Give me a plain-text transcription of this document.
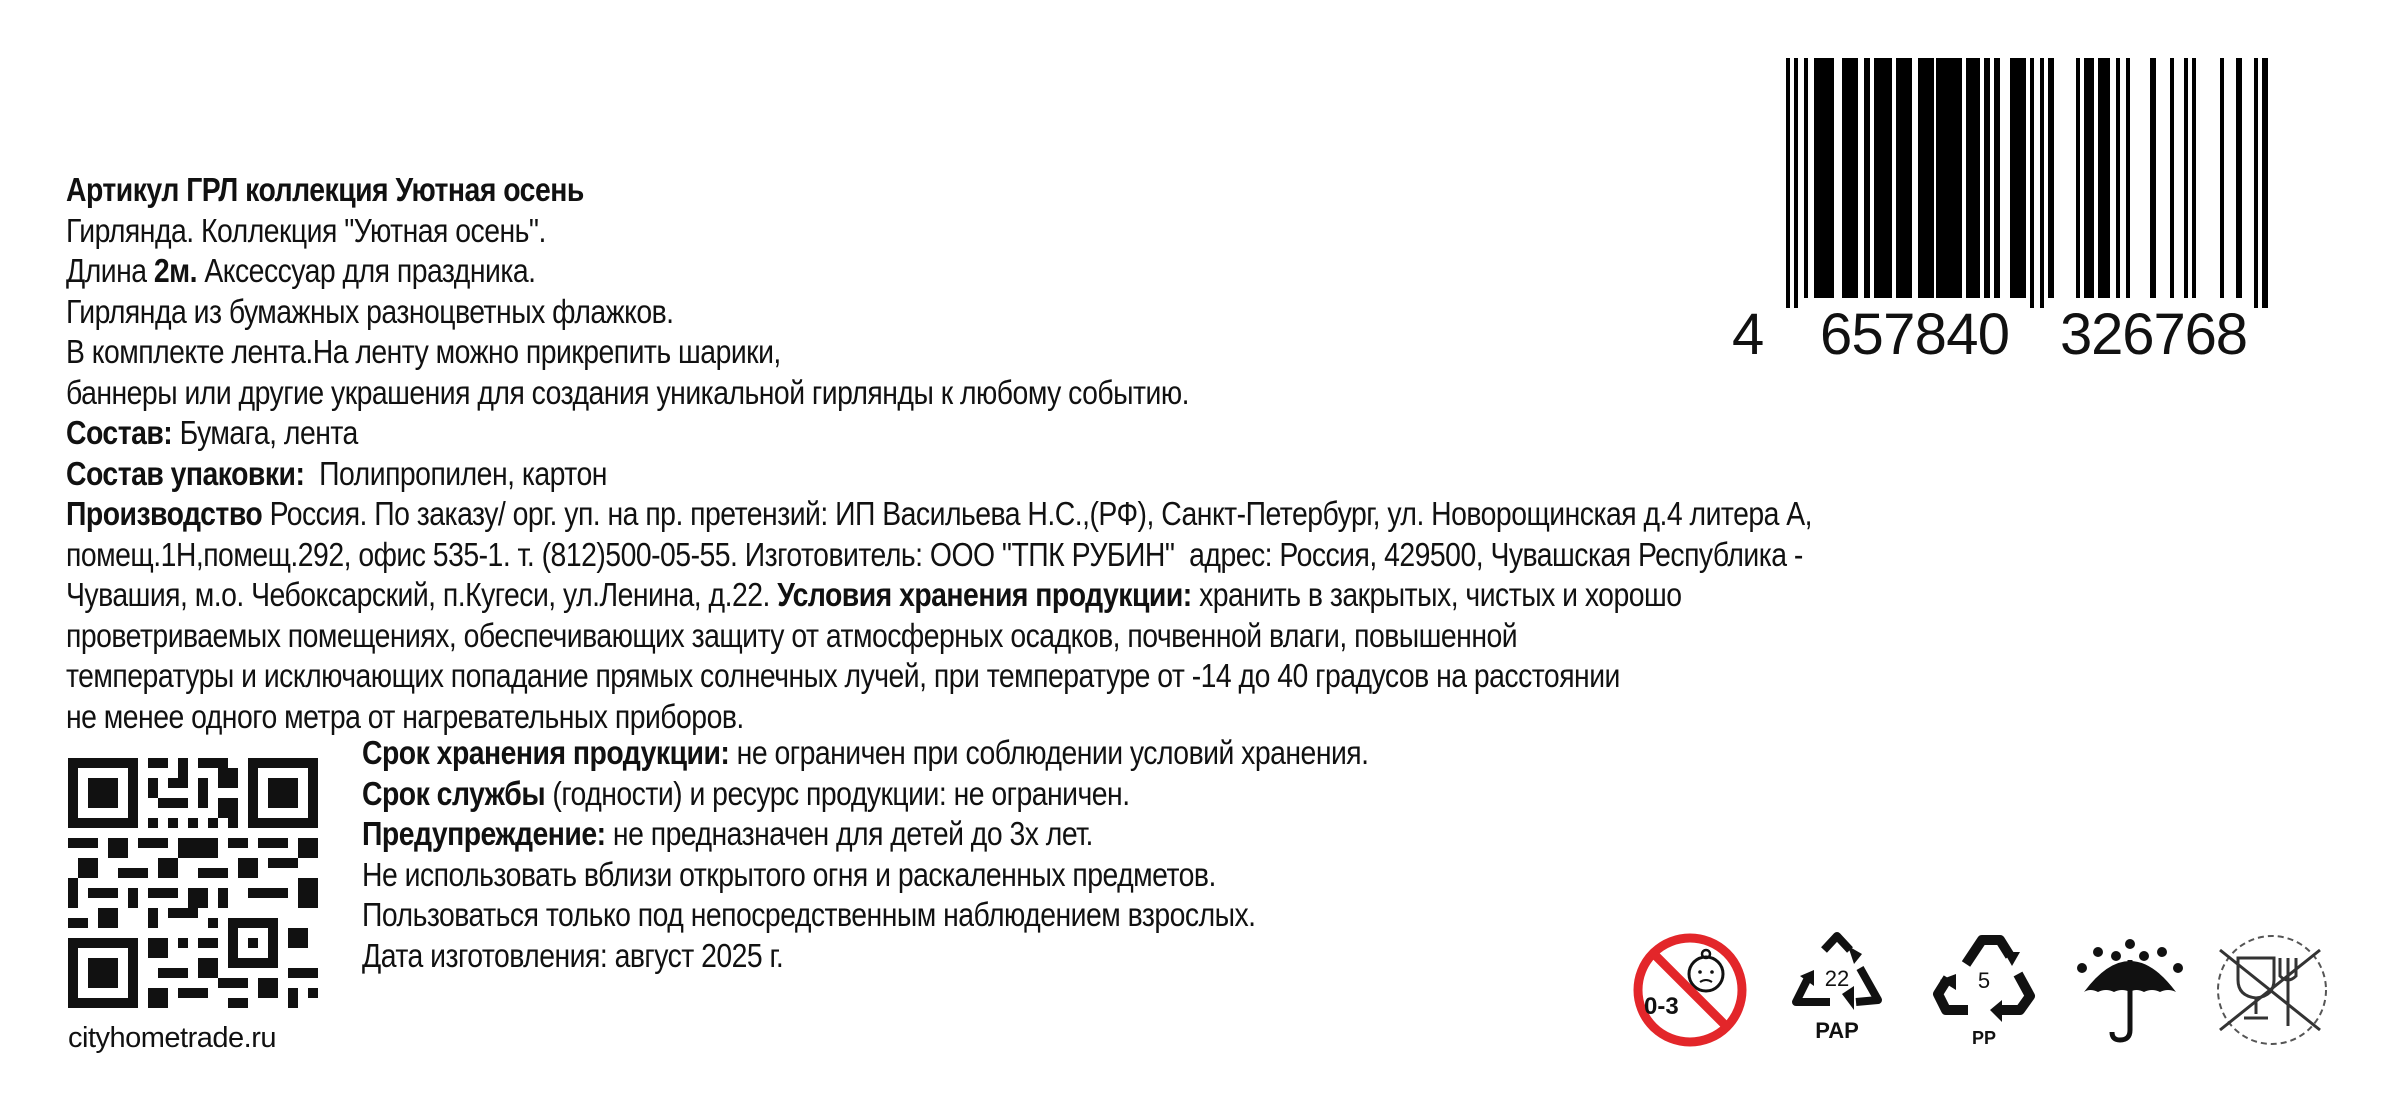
Артикул ГРЛ коллекция Уютная осень
Гирлянда. Коллекция "Уютная осень".
Длина 2м. Аксессуар для праздника.
Гирлянда из бумажных разноцветных флажков.
В комплекте лента.На ленту можно прикрепить шарики,
баннеры или другие украшения для создания уникальной гирлянды к любому событию.
Состав: Бумага, лента
Состав упаковки:  Полипропилен, картон
Производство Россия. По заказу/ орг. уп. на пр. претензий: ИП Васильева Н.С.,(РФ), Санкт-Петербург, ул. Новорощинская д.4 литера А,
помещ.1Н,помещ.292, офис 535-1. т. (812)500-05-55. Изготовитель: ООО "ТПК РУБИН"  адрес: Россия, 429500, Чувашская Республика -
Чувашия, м.о. Чебоксарский, п.Кугеси, ул.Ленина, д.22. Условия хранения продукции: хранить в закрытых, чистых и хорошо
проветриваемых помещениях, обеспечивающих защиту от атмосферных осадков, почвенной влаги, повышенной
температуры и исключающих попадание прямых солнечных лучей, при температуре от -14 до 40 градусов на расстоянии
не менее одного метра от нагревательных приборов.
Срок хранения продукции: не ограничен при соблюдении условий хранения.
Срок службы (годности) и ресурс продукции: не ограничен.
Предупреждение: не предназначен для детей до 3х лет.
Не использовать вблизи открытого огня и раскаленных предметов.
Пользоваться только под непосредственным наблюдением взрослых.
Дата изготовления: август 2025 г.
cityhometrade.ru
4 657840 326768
0-3
22
PAP
5
PP
